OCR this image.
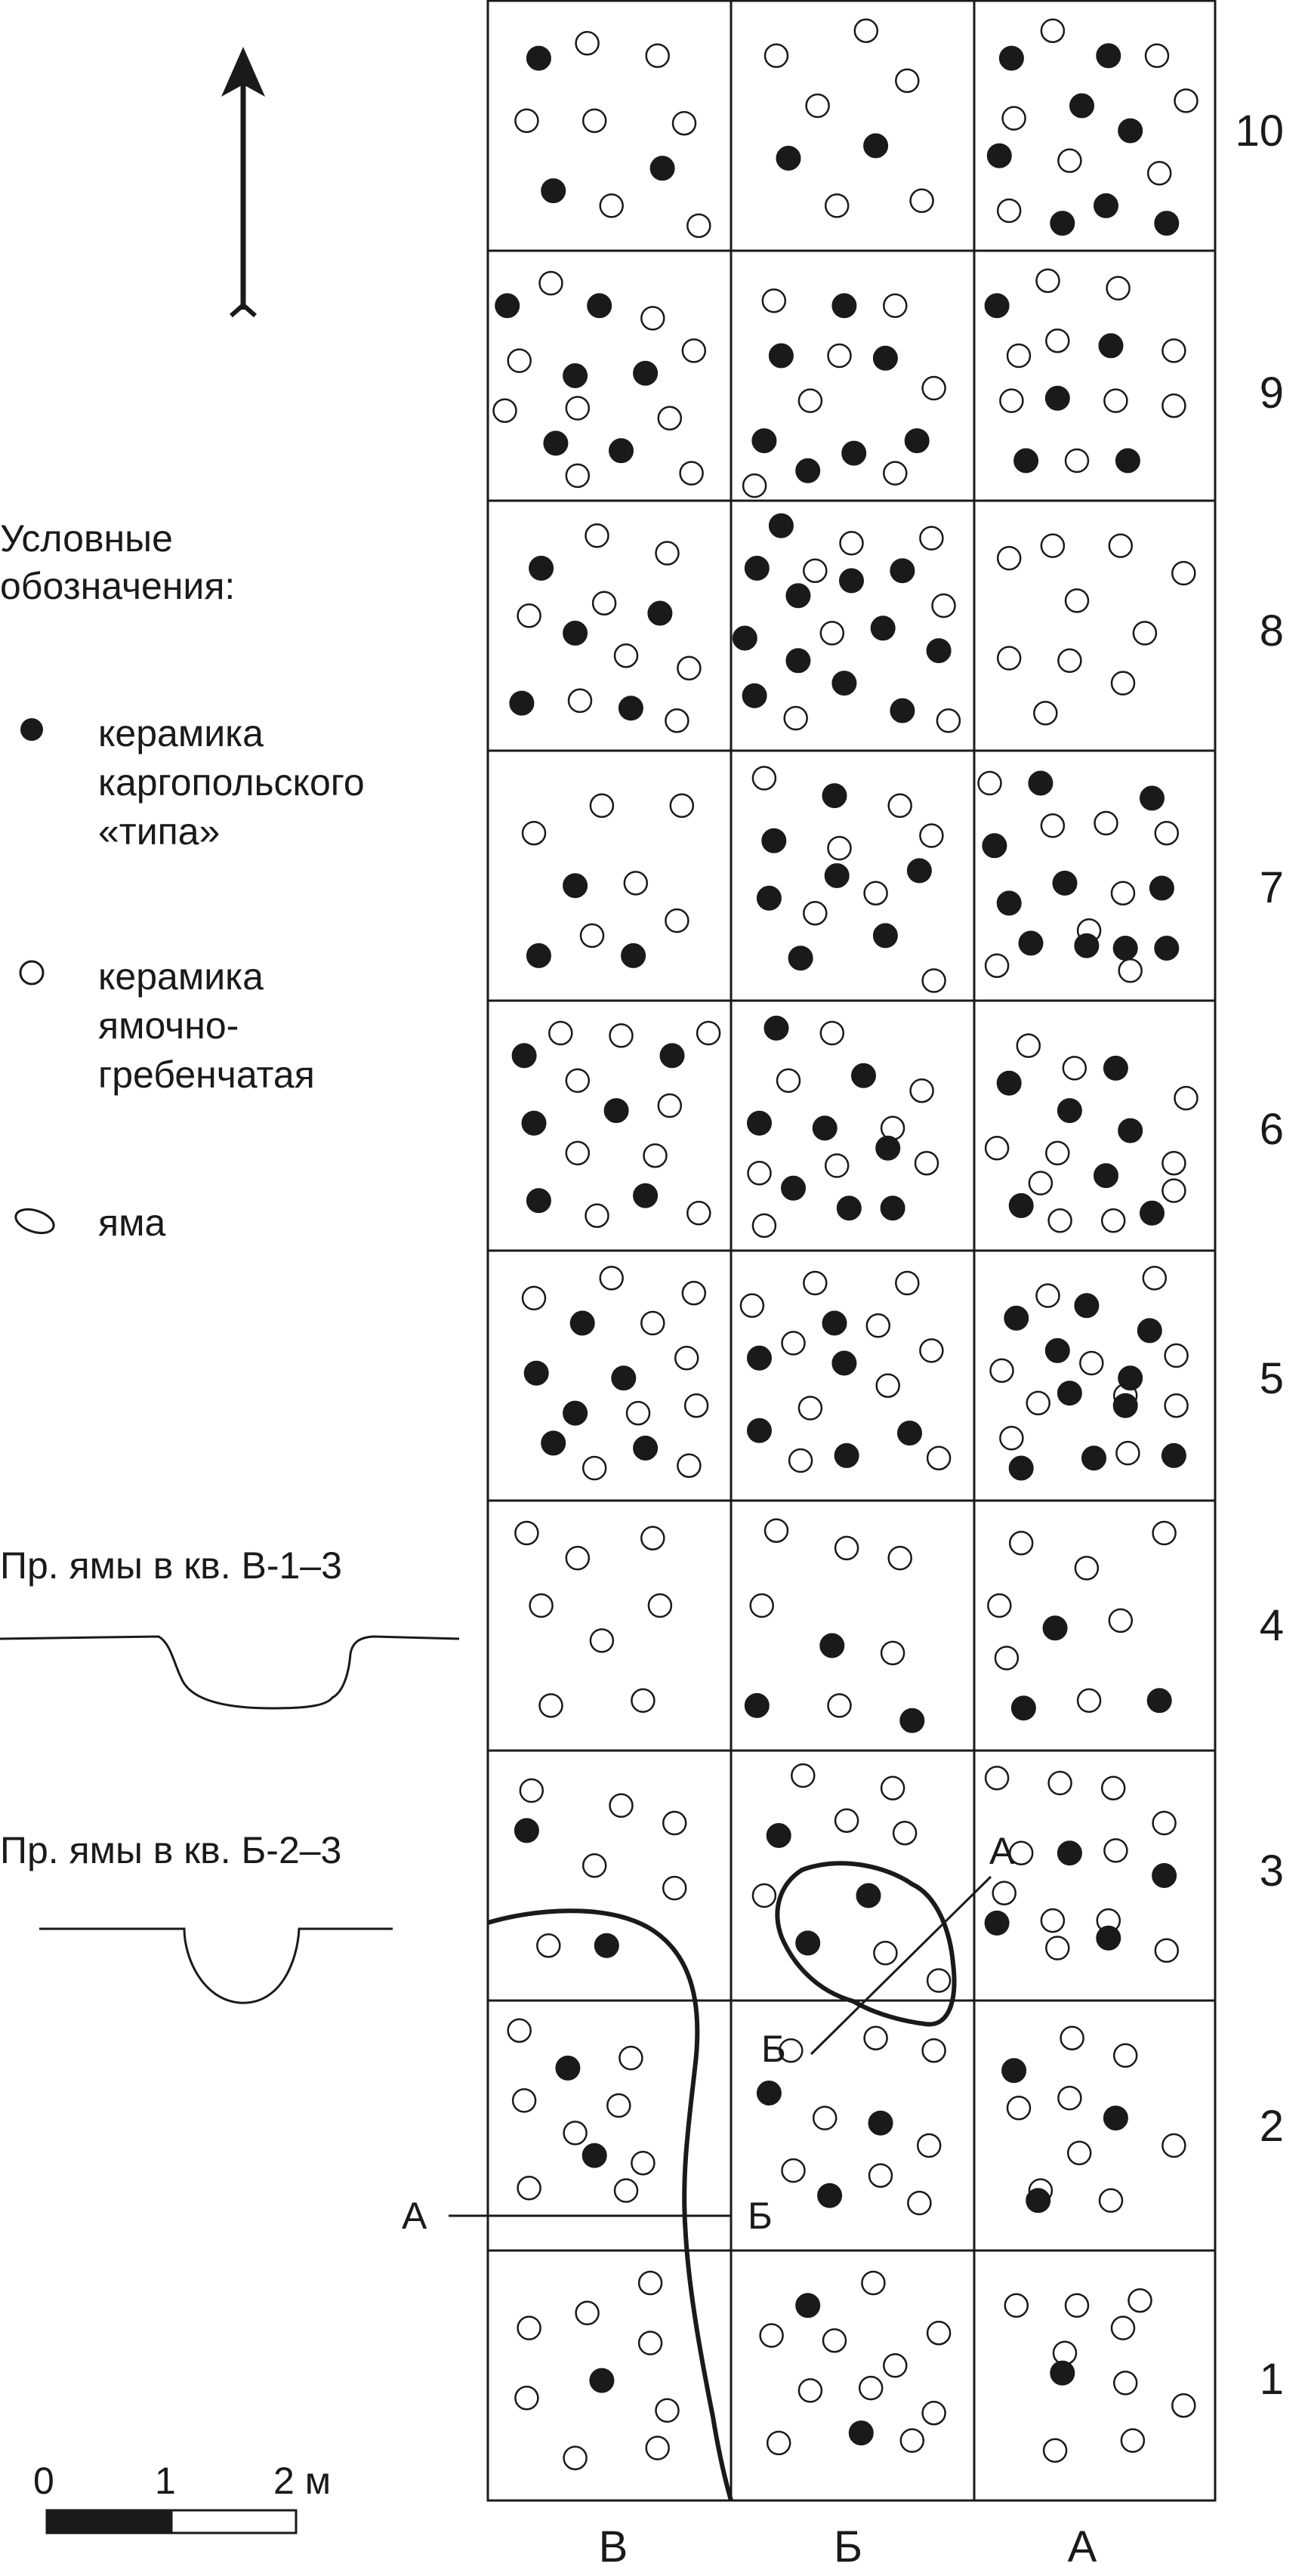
Условные
обозначения:
керамика
каргопольского
«типа»
керамика
ямочно-
гребенчатая
яма
Пр. ямы в кв. В-1–3
Пр. ямы в кв. Б-2–3
0	1	2 м
А	Б
А
Б
10
9
8
7
6
5
4
3
2
1
В	Б	А
